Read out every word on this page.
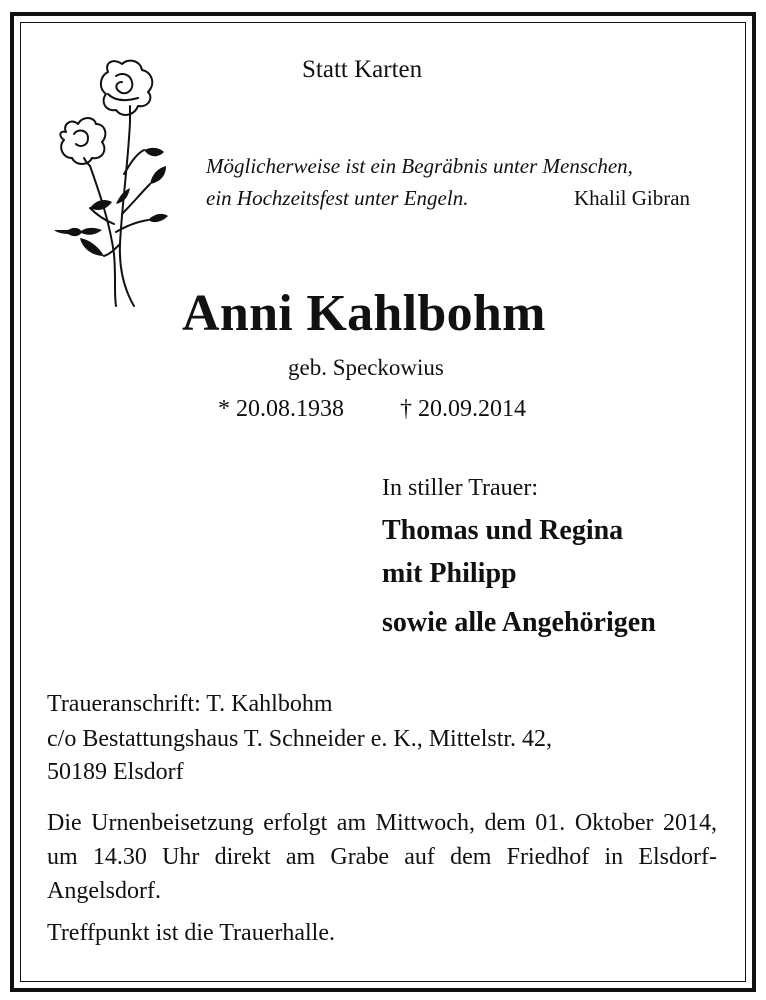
Statt Karten
Möglicherweise ist ein Begräbnis unter Menschen,
ein Hochzeitsfest unter Engeln.	Khalil Gibran
Anni Kahlbohm
geb. Speckowius
* 20.08.1938 † 20.09.2014
In stiller Trauer:
Thomas und Regina
mit Philipp
sowie alle Angehörigen
Traueranschrift: T. Kahlbohm
c/o Bestattungshaus T. Schneider e. K., Mittelstr. 42,
50189 Elsdorf

Die Urnenbeisetzung erfolgt am Mittwoch, dem 01. Oktober 2014, um 14.30 Uhr direkt am Grabe auf dem Friedhof in Elsdorf-Angelsdorf.

Treffpunkt ist die Trauerhalle.
